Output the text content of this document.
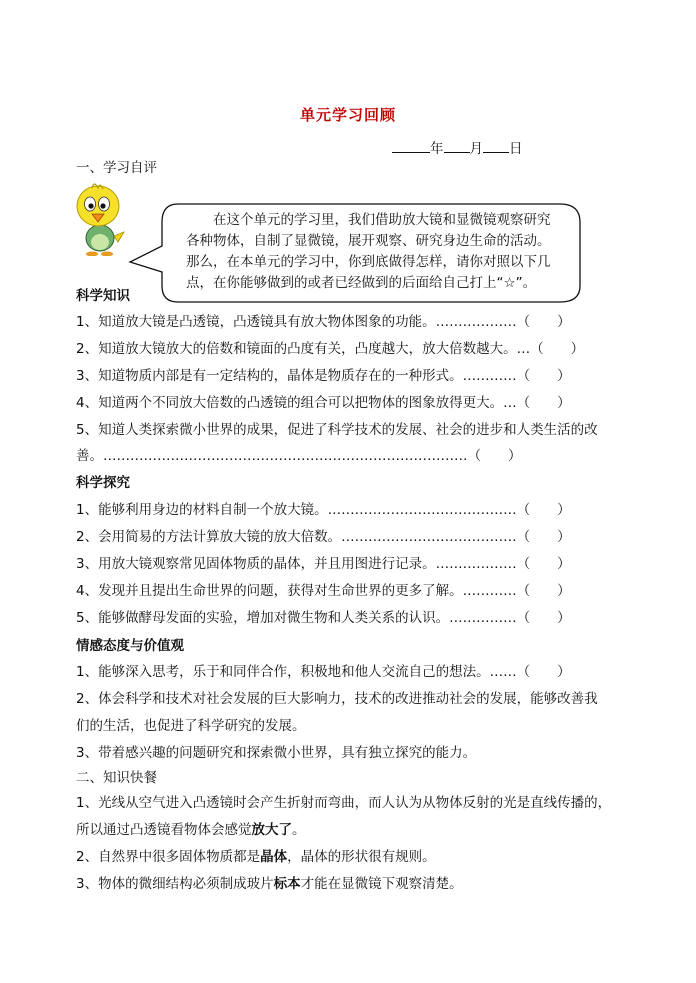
单元学习回顾
年 月 日
一、学习自评

在这个单元的学习里，我们借助放大镜和显微镜观察研究

各种物体，自制了显微镜，展开观察、研究身边生命的活动。

那么，在本单元的学习中，你到底做得怎样，请你对照以下几

点，在你能够做到的或者已经做到的后面给自己打上“☆”。

科学知识
1、知道放大镜是凸透镜，凸透镜具有放大物体图象的功能。………………（　　）
2、知道放大镜放大的倍数和镜面的凸度有关，凸度越大，放大倍数越大。…（　　）
3、知道物质内部是有一定结构的，晶体是物质存在的一种形式。…………（　　）
4、知道两个不同放大倍数的凸透镜的组合可以把物体的图象放得更大。…（　　）
5、知道人类探索微小世界的成果，促进了科学技术的发展、社会的进步和人类生活的改
善。………………………………………………………………………（　　）
科学探究
1、能够利用身边的材料自制一个放大镜。……………………………………（　　）
2、会用简易的方法计算放大镜的放大倍数。…………………………………（　　）
3、用放大镜观察常见固体物质的晶体，并且用图进行记录。………………（　　）
4、发现并且提出生命世界的问题，获得对生命世界的更多了解。…………（　　）
5、能够做酵母发面的实验，增加对微生物和人类关系的认识。……………（　　）
情感态度与价值观
1、能够深入思考，乐于和同伴合作，积极地和他人交流自己的想法。……（　　）
2、体会科学和技术对社会发展的巨大影响力，技术的改进推动社会的发展，能够改善我
们的生活，也促进了科学研究的发展。
3、带着感兴趣的问题研究和探索微小世界，具有独立探究的能力。
二、知识快餐
1、光线从空气进入凸透镜时会产生折射而弯曲，而人认为从物体反射的光是直线传播的，
所以通过凸透镜看物体会感觉放大了。
2、自然界中很多固体物质都是晶体，晶体的形状很有规则。
3、物体的微细结构必须制成玻片标本才能在显微镜下观察清楚。
